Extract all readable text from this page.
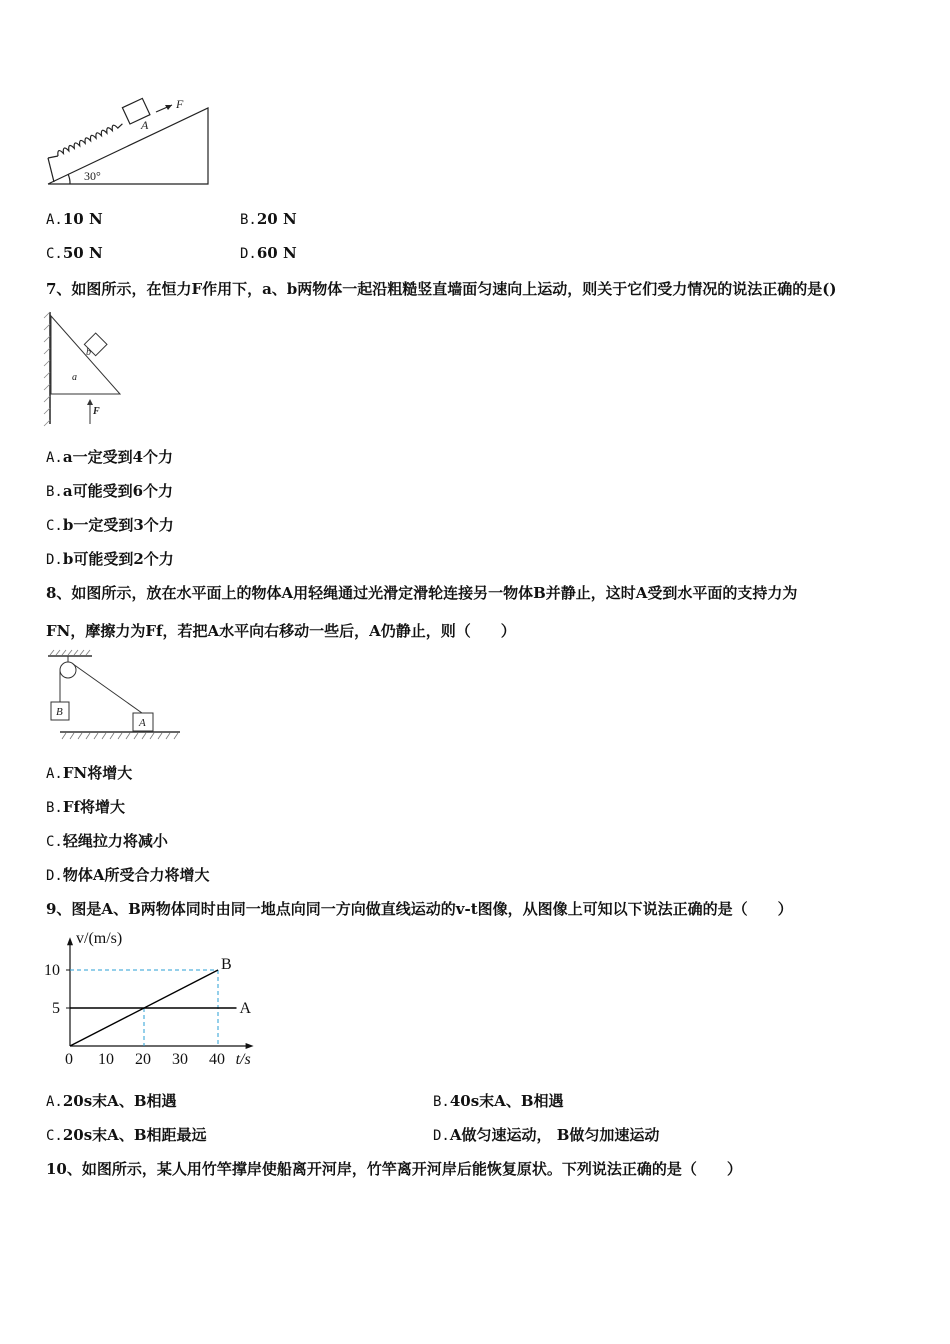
A
F
30°
A.10 N	B.20 N
C.50 N	D.60 N
7、如图所示，在恒力F作用下，a、b两物体一起沿粗糙竖直墙面匀速向上运动，则关于它们受力情况的说法正确的是()
b
a
F
A.a一定受到4个力
B.a可能受到6个力
C.b一定受到3个力
D.b可能受到2个力
8、如图所示，放在水平面上的物体A用轻绳通过光滑定滑轮连接另一物体B并静止，这时A受到水平面的支持力为
FN，摩擦力为Ff，若把A水平向右移动一些后，A仍静止，则（　　）
B
A
A.FN将增大
B.Ff将增大
C.轻绳拉力将减小
D.物体A所受合力将增大
9、图是A、B两物体同时由同一地点向同一方向做直线运动的v-t图像，从图像上可知以下说法正确的是（　　）
A
B
0 10 20 30 40
5
10
v/(m/s)
t/s
A.20s末A、B相遇	B.40s末A、B相遇
C.20s末A、B相距最远	D.A做匀速运动， B做匀加速运动
10、如图所示，某人用竹竿撑岸使船离开河岸，竹竿离开河岸后能恢复原状。下列说法正确的是（　　）
